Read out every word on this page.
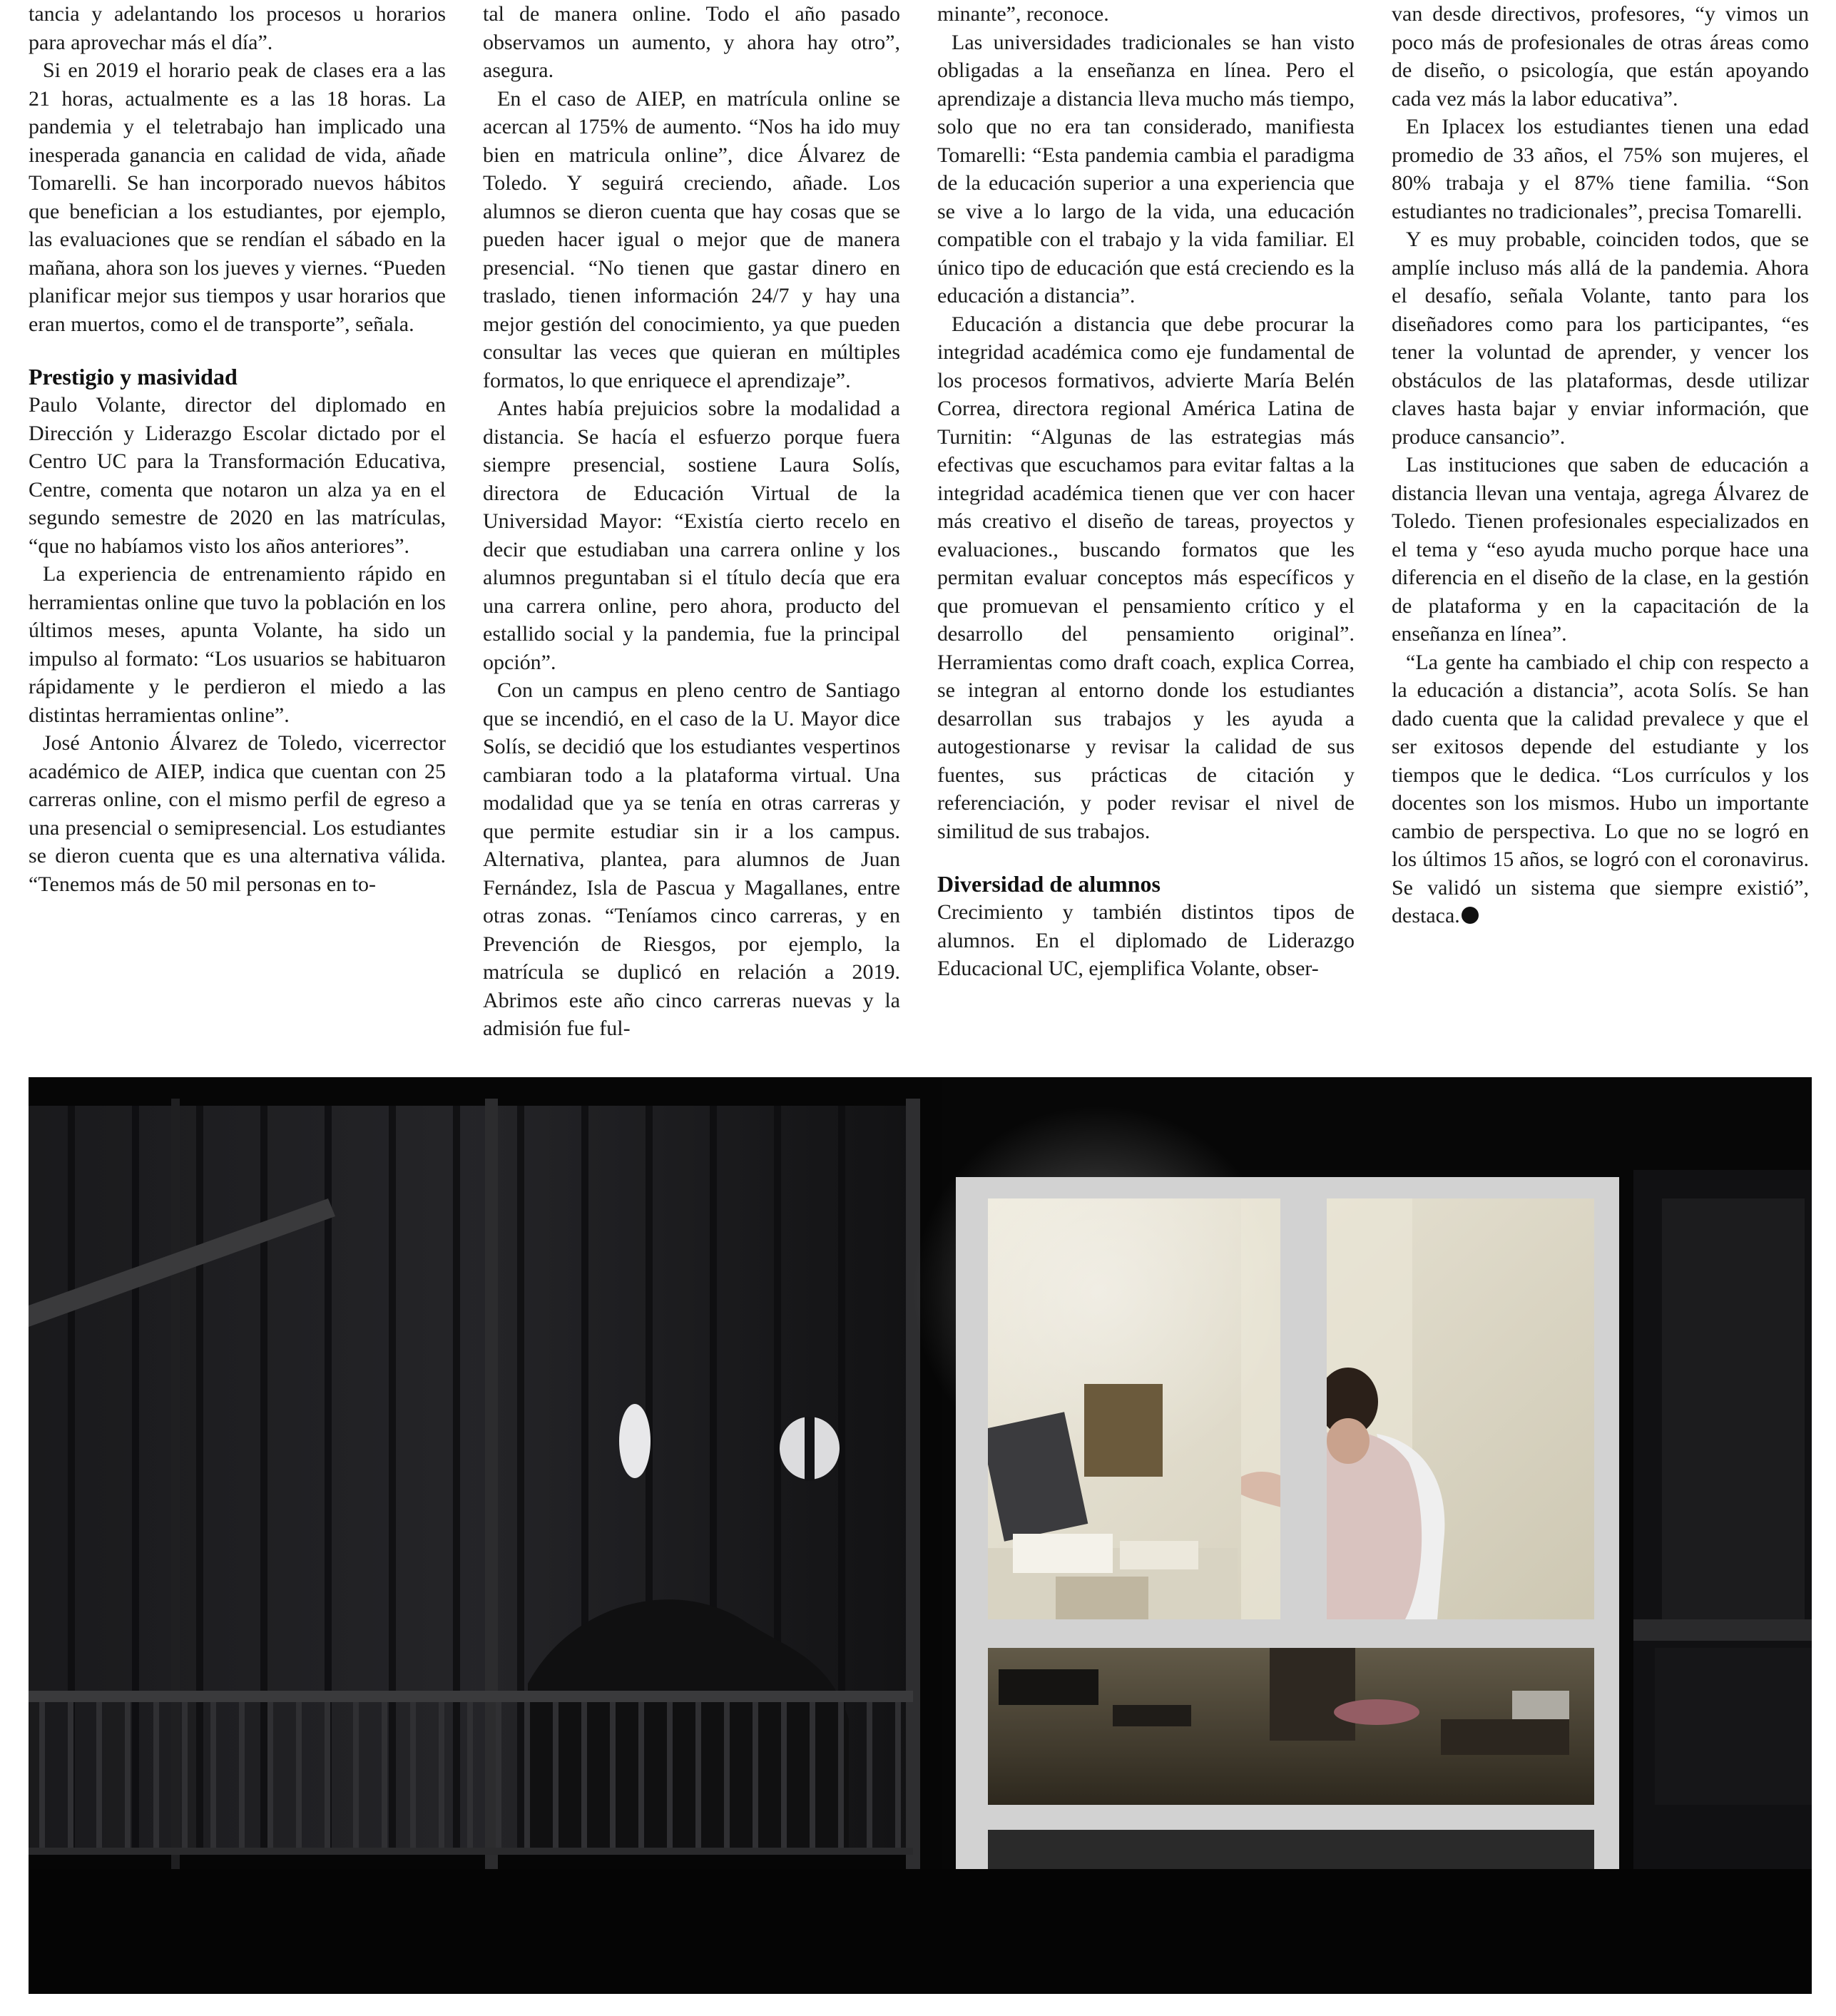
tancia y adelantando los procesos u horarios para aprovechar más el día”.

Si en 2019 el horario peak de clases era a las 21 horas, actualmente es a las 18 horas. La pandemia y el teletrabajo han implicado una inesperada ganancia en calidad de vida, añade Tomarelli. Se han incorporado nuevos hábitos que benefician a los estudiantes, por ejemplo, las evaluaciones que se rendían el sábado en la mañana, ahora son los jueves y viernes. “Pueden planificar mejor sus tiempos y usar horarios que eran muertos, como el de transporte”, señala.

Prestigio y masividad

Paulo Volante, director del diplomado en Dirección y Liderazgo Escolar dictado por el Centro UC para la Transformación Educativa, Centre, comenta que notaron un alza ya en el segundo semestre de 2020 en las matrículas, “que no habíamos visto los años anteriores”.

La experiencia de entrenamiento rápido en herramientas online que tuvo la población en los últimos meses, apunta Volante, ha sido un impulso al formato: “Los usuarios se habituaron rápidamente y le perdieron el miedo a las distintas herramientas online”.

José Antonio Álvarez de Toledo, vicerrector académico de AIEP, indica que cuentan con 25 carreras online, con el mismo perfil de egreso a una presencial o semipresencial. Los estudiantes se dieron cuenta que es una alternativa válida. “Tenemos más de 50 mil personas en to-

tal de manera online. Todo el año pasado observamos un aumento, y ahora hay otro”, asegura.

En el caso de AIEP, en matrícula online se acercan al 175% de aumento. “Nos ha ido muy bien en matricula online”, dice Álvarez de Toledo. Y seguirá creciendo, añade. Los alumnos se dieron cuenta que hay cosas que se pueden hacer igual o mejor que de manera presencial. “No tienen que gastar dinero en traslado, tienen información 24/7 y hay una mejor gestión del conocimiento, ya que pueden consultar las veces que quieran en múltiples formatos, lo que enriquece el aprendizaje”.

Antes había prejuicios sobre la modalidad a distancia. Se hacía el esfuerzo porque fuera siempre presencial, sostiene Laura Solís, directora de Educación Virtual de la Universidad Mayor: “Existía cierto recelo en decir que estudiaban una carrera online y los alumnos preguntaban si el título decía que era una carrera online, pero ahora, producto del estallido social y la pandemia, fue la principal opción”.

Con un campus en pleno centro de Santiago que se incendió, en el caso de la U. Mayor dice Solís, se decidió que los estudiantes vespertinos cambiaran todo a la plataforma virtual. Una modalidad que ya se tenía en otras carreras y que permite estudiar sin ir a los campus. Alternativa, plantea, para alumnos de Juan Fernández, Isla de Pascua y Magallanes, entre otras zonas. “Teníamos cinco carreras, y en Prevención de Riesgos, por ejemplo, la matrícula se duplicó en relación a 2019. Abrimos este año cinco carreras nuevas y la admisión fue ful-

minante”, reconoce.

Las universidades tradicionales se han visto obligadas a la enseñanza en línea. Pero el aprendizaje a distancia lleva mucho más tiempo, solo que no era tan considerado, manifiesta Tomarelli: “Esta pandemia cambia el paradigma de la educación superior a una experiencia que se vive a lo largo de la vida, una educación compatible con el trabajo y la vida familiar. El único tipo de educación que está creciendo es la educación a distancia”.

Educación a distancia que debe procurar la integridad académica como eje fundamental de los procesos formativos, advierte María Belén Correa, directora regional América Latina de Turnitin: “Algunas de las estrategias más efectivas que escuchamos para evitar faltas a la integridad académica tienen que ver con hacer más creativo el diseño de tareas, proyectos y evaluaciones., buscando formatos que les permitan evaluar conceptos más específicos y que promuevan el pensamiento crítico y el desarrollo del pensamiento original”. Herramientas como draft coach, explica Correa, se integran al entorno donde los estudiantes desarrollan sus trabajos y les ayuda a autogestionarse y revisar la calidad de sus fuentes, sus prácticas de citación y referenciación, y poder revisar el nivel de similitud de sus trabajos.

Diversidad de alumnos

Crecimiento y también distintos tipos de alumnos. En el diplomado de Liderazgo Educacional UC, ejemplifica Volante, obser-

van desde directivos, profesores, “y vimos un poco más de profesionales de otras áreas como de diseño, o psicología, que están apoyando cada vez más la labor educativa”.

En Iplacex los estudiantes tienen una edad promedio de 33 años, el 75% son mujeres, el 80% trabaja y el 87% tiene familia. “Son estudiantes no tradicionales”, precisa Tomarelli.

Y es muy probable, coinciden todos, que se amplíe incluso más allá de la pandemia. Ahora el desafío, señala Volante, tanto para los diseñadores como para los participantes, “es tener la voluntad de aprender, y vencer los obstáculos de las plataformas, desde utilizar claves hasta bajar y enviar información, que produce cansancio”.

Las instituciones que saben de educación a distancia llevan una ventaja, agrega Álvarez de Toledo. Tienen profesionales especializados en el tema y “eso ayuda mucho porque hace una diferencia en el diseño de la clase, en la gestión de plataforma y en la capacitación de la enseñanza en línea”.

“La gente ha cambiado el chip con respecto a la educación a distancia”, acota Solís. Se han dado cuenta que la calidad prevalece y que el ser exitosos depende del estudiante y los tiempos que le dedica. “Los currículos y los docentes son los mismos. Hubo un importante cambio de perspectiva. Lo que no se logró en los últimos 15 años, se logró con el coronavirus. Se validó un sistema que siempre existió”, destaca.
